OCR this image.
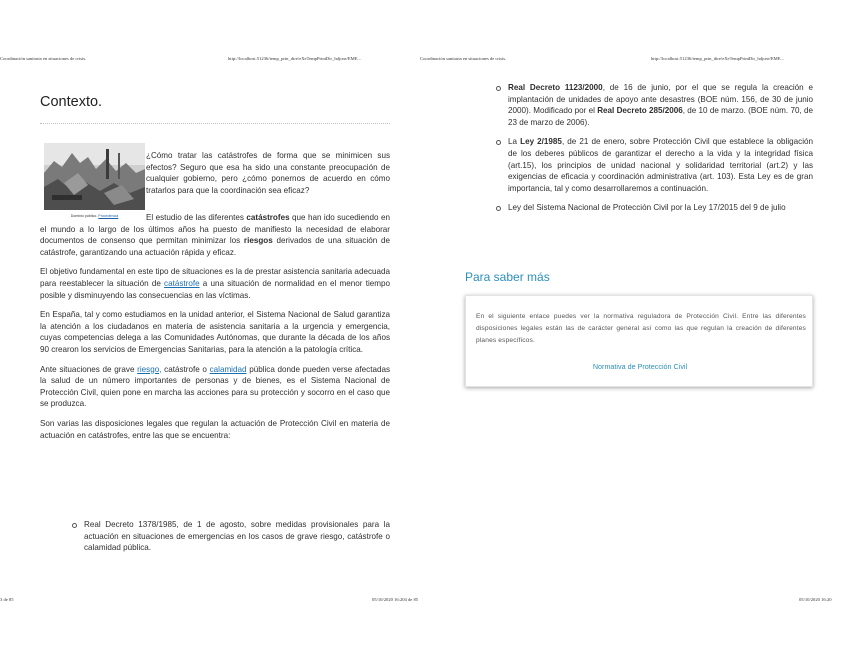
Coordinación sanitaria en situaciones de crisis.	http://localhost:51236/temp_prin_dire/eXeTempPrintDir_hdjcne/EME...	Coordinación sanitaria en situaciones de crisis.	http://localhost:51236/temp_prin_dire/eXeTempPrintDir_hdjcne/EME...
Contexto.
Dominio público. Procedencia

¿Cómo tratar las catástrofes de forma que se minimicen sus efectos? Seguro que esa ha sido una constante preocupación de cualquier gobierno, pero ¿cómo ponernos de acuerdo en cómo tratarlos para que la coordinación sea eficaz?

El estudio de las diferentes catástrofes que han ido sucediendo en el mundo a lo largo de los últimos años ha puesto de manifiesto la necesidad de elaborar documentos de consenso que permitan minimizar los riesgos derivados de una situación de catástrofe, garantizando una actuación rápida y eficaz.

El objetivo fundamental en este tipo de situaciones es la de prestar asistencia sanitaria adecuada para reestablecer la situación de catástrofe a una situación de normalidad en el menor tiempo posible y disminuyendo las consecuencias en las víctimas.

En España, tal y como estudiamos en la unidad anterior, el Sistema Nacional de Salud garantiza la atención a los ciudadanos en materia de asistencia sanitaria a la urgencia y emergencia, cuyas competencias delega a las Comunidades Autónomas, que durante la década de los años 90 crearon los servicios de Emergencias Sanitarias, para la atención a la patología crítica.

Ante situaciones de grave riesgo, catástrofe o calamidad pública donde pueden verse afectadas la salud de un número importantes de personas y de bienes, es el Sistema Nacional de Protección Civil, quien pone en marcha las acciones para su protección y socorro en el caso que se produzca.

Son varias las disposiciones legales que regulan la actuación de Protección Civil en materia de actuación en catástrofes, entre las que se encuentra:

Real Decreto 1378/1985, de 1 de agosto, sobre medidas provisionales para la actuación en situaciones de emergencias en los casos de grave riesgo, catástrofe o calamidad pública.
Real Decreto 1123/2000, de 16 de junio, por el que se regula la creación e implantación de unidades de apoyo ante desastres (BOE núm. 156, de 30 de junio 2000). Modificado por el Real Decreto 285/2006, de 10 de marzo. (BOE núm. 70, de 23 de marzo de 2006).
La Ley 2/1985, de 21 de enero, sobre Protección Civil que establece la obligación de los deberes públicos de garantizar el derecho a la vida y la integridad física (art.15), los principios de unidad nacional y solidaridad territorial (art.2) y las exigencias de eficacia y coordinación administrativa (art. 103). Esta Ley es de gran importancia, tal y como desarrollaremos a continuación.
Ley del Sistema Nacional de Protección Civil por la Ley 17/2015 del 9 de julio
Para saber más

En el siguiente enlace puedes ver la normativa reguladora de Protección Civil. Entre las diferentes disposiciones legales están las de carácter general así como las que regulan la creación de diferentes planes específicos.

Normativa de Protección Civil
3 de 85	05/10/2020 16:204 de 85	05/10/2020 16:20
